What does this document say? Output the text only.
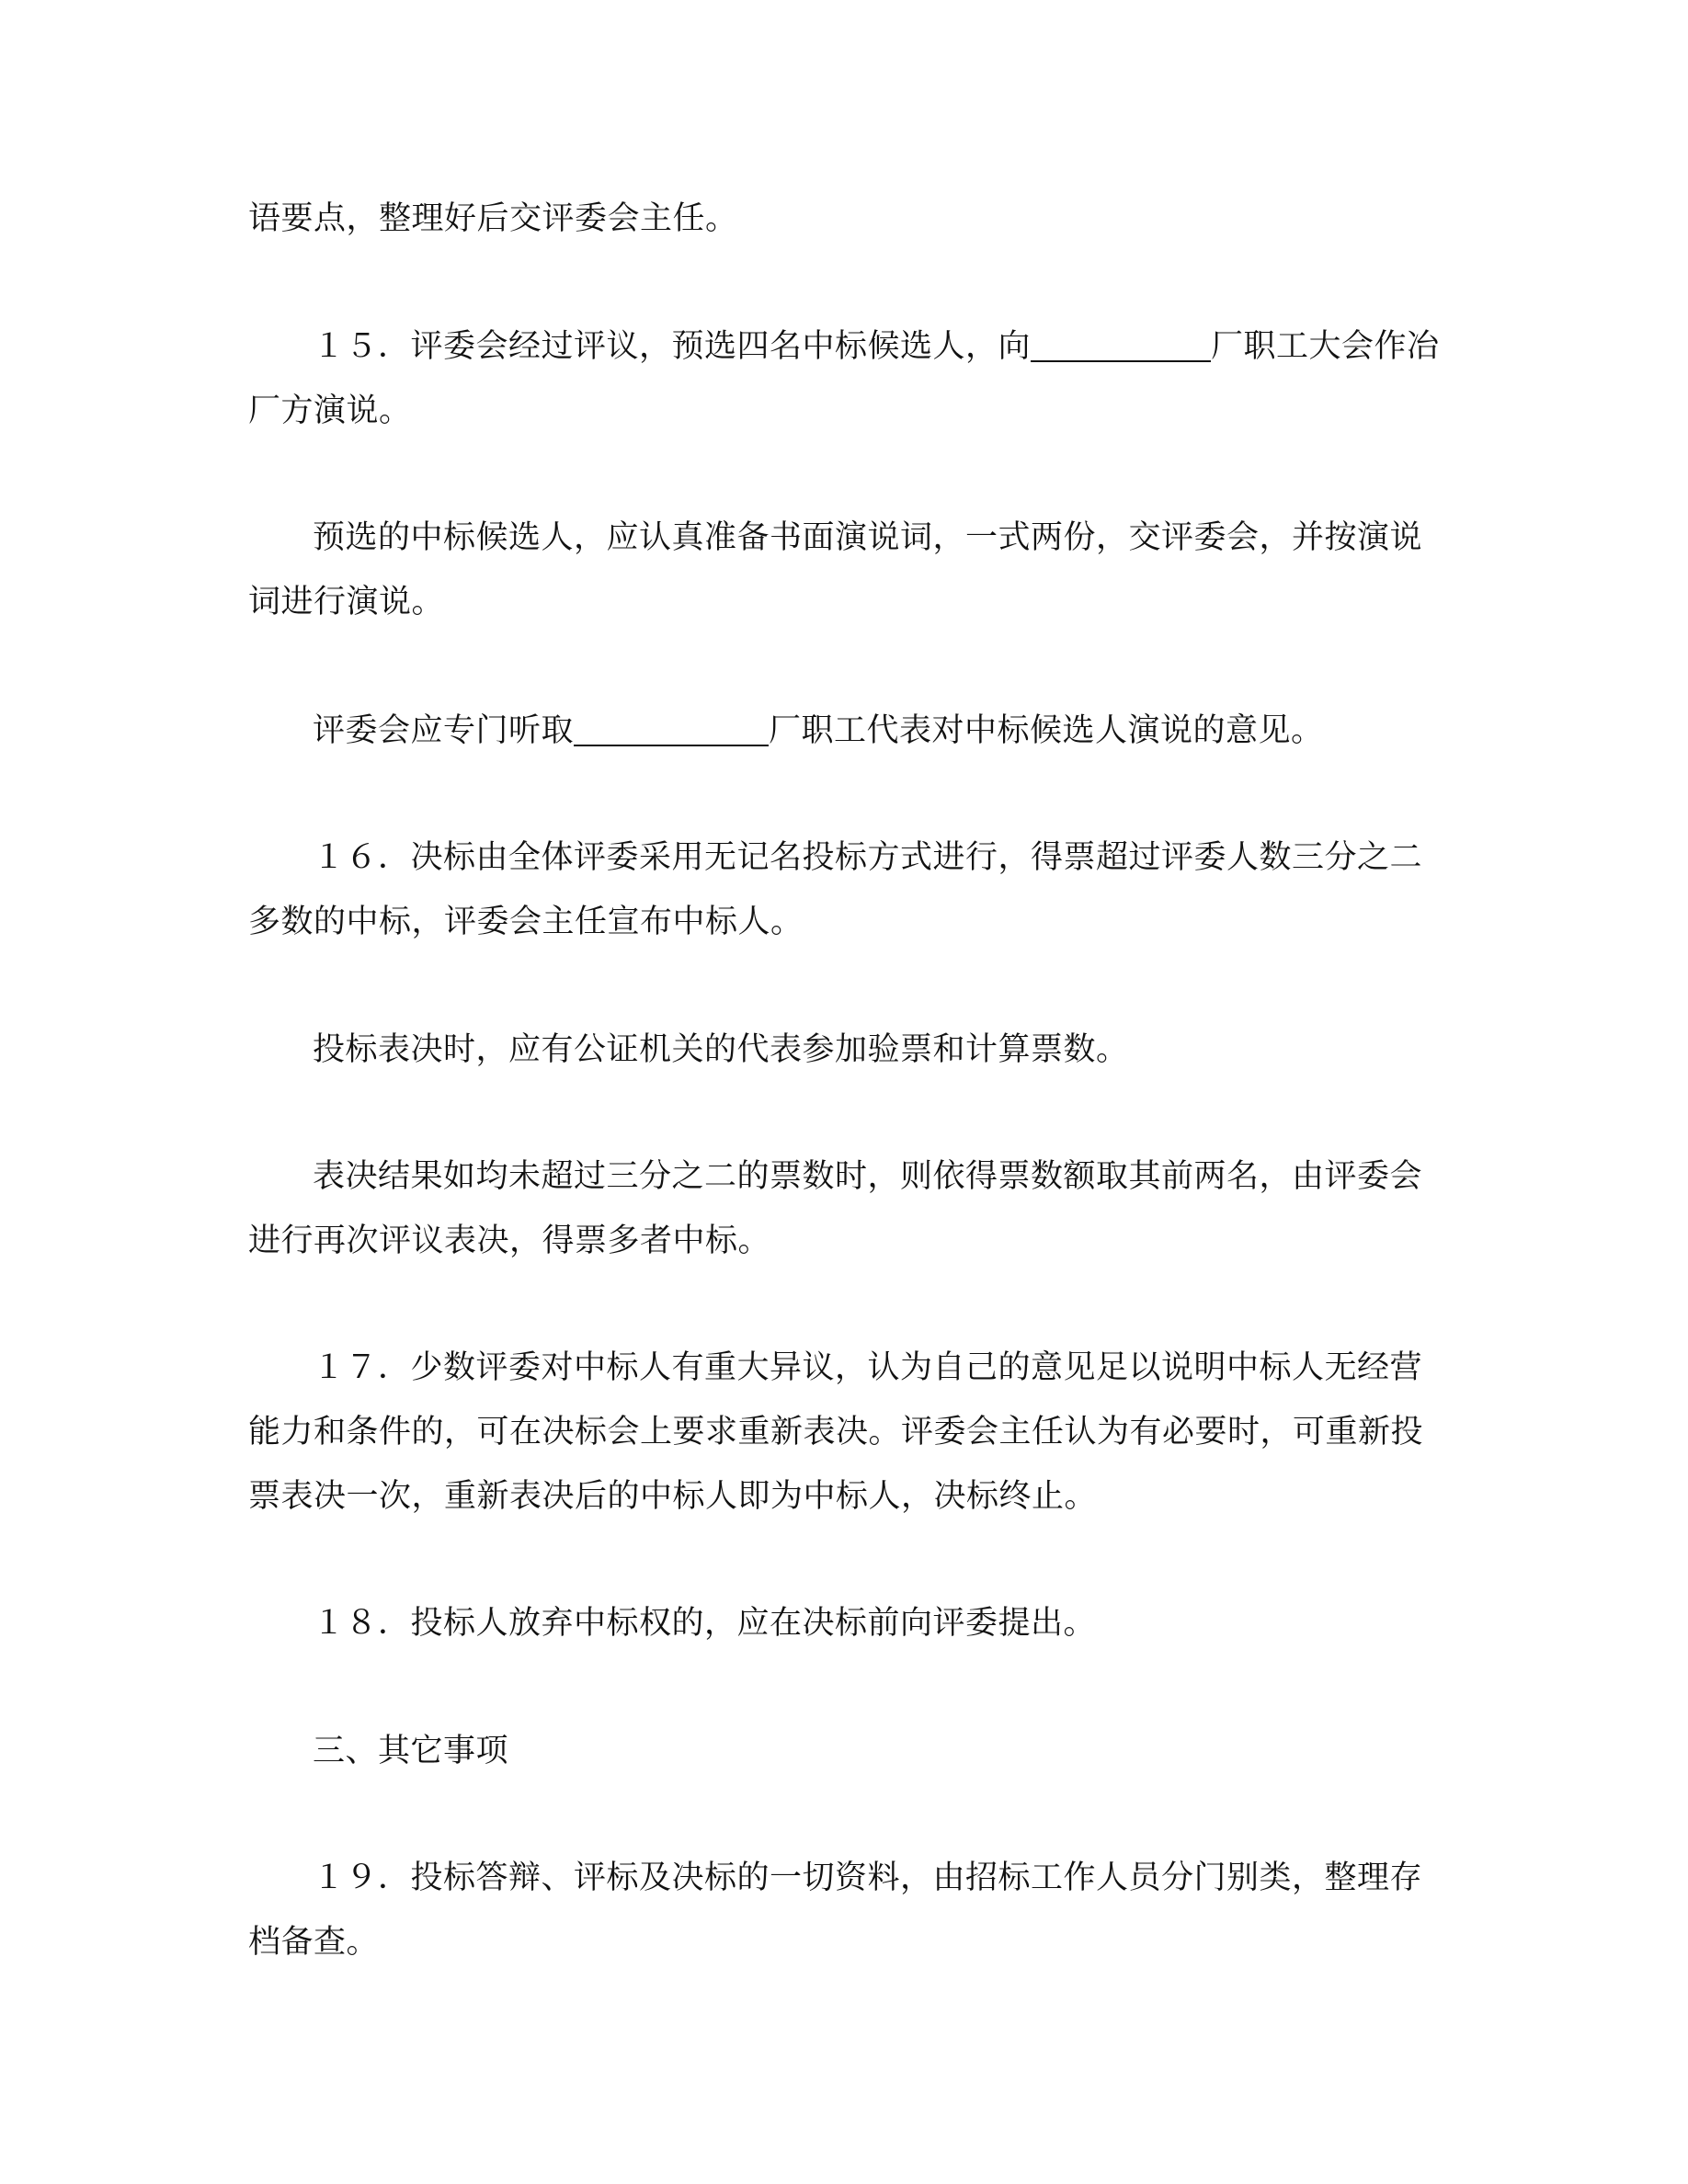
语要点，整理好后交评委会主任。

１５．评委会经过评议，预选四名中标候选人，向	厂职工大会作冶
厂方演说。

预选的中标候选人，应认真准备书面演说词，一式两份，交评委会，并按演说
词进行演说。

评委会应专门听取	厂职工代表对中标候选人演说的意见。

１６．决标由全体评委采用无记名投标方式进行，得票超过评委人数三分之二
多数的中标，评委会主任宣布中标人。

投标表决时，应有公证机关的代表参加验票和计算票数。

表决结果如均未超过三分之二的票数时，则依得票数额取其前两名，由评委会
进行再次评议表决，得票多者中标。

１７．少数评委对中标人有重大异议，认为自己的意见足以说明中标人无经营
能力和条件的，可在决标会上要求重新表决。评委会主任认为有必要时，可重新投
票表决一次，重新表决后的中标人即为中标人，决标终止。

１８．投标人放弃中标权的，应在决标前向评委提出。

三、其它事项

１９．投标答辩、评标及决标的一切资料，由招标工作人员分门别类，整理存
档备查。
